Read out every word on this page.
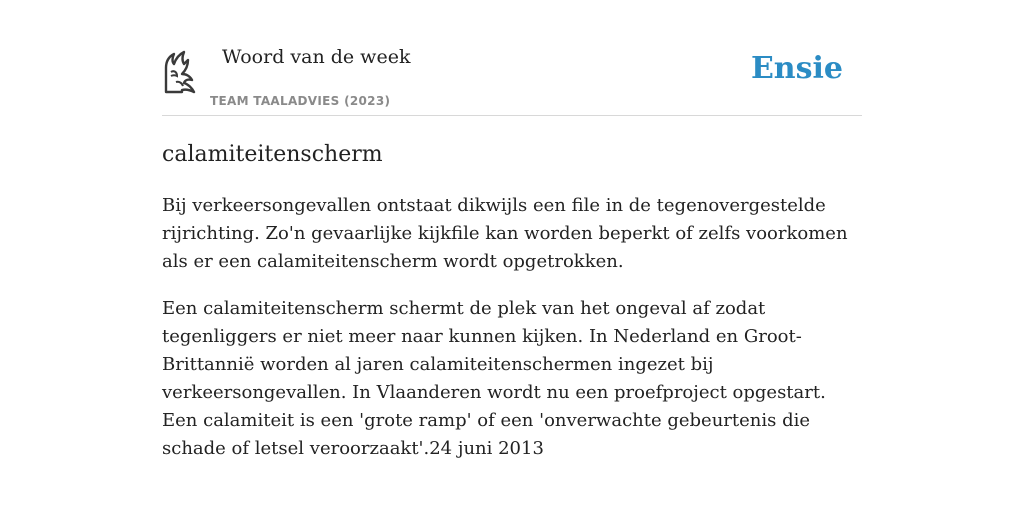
Woord van de week
TEAM TAALADVIES (2023)
Ensie
calamiteitenscherm

Bij verkeersongevallen ontstaat dikwijls een file in de tegenovergestelde rijrichting. Zo'n gevaarlijke kijkfile kan worden beperkt of zelfs voorkomen als er een calamiteitenscherm wordt opgetrokken.

Een calamiteitenscherm schermt de plek van het ongeval af zodat tegenliggers er niet meer naar kunnen kijken. In Nederland en Groot-Brittannië worden al jaren calamiteitenschermen ingezet bij verkeersongevallen. In Vlaanderen wordt nu een proefproject opgestart. Een calamiteit is een 'grote ramp' of een 'onverwachte gebeurtenis die schade of letsel veroorzaakt'.24 juni 2013
